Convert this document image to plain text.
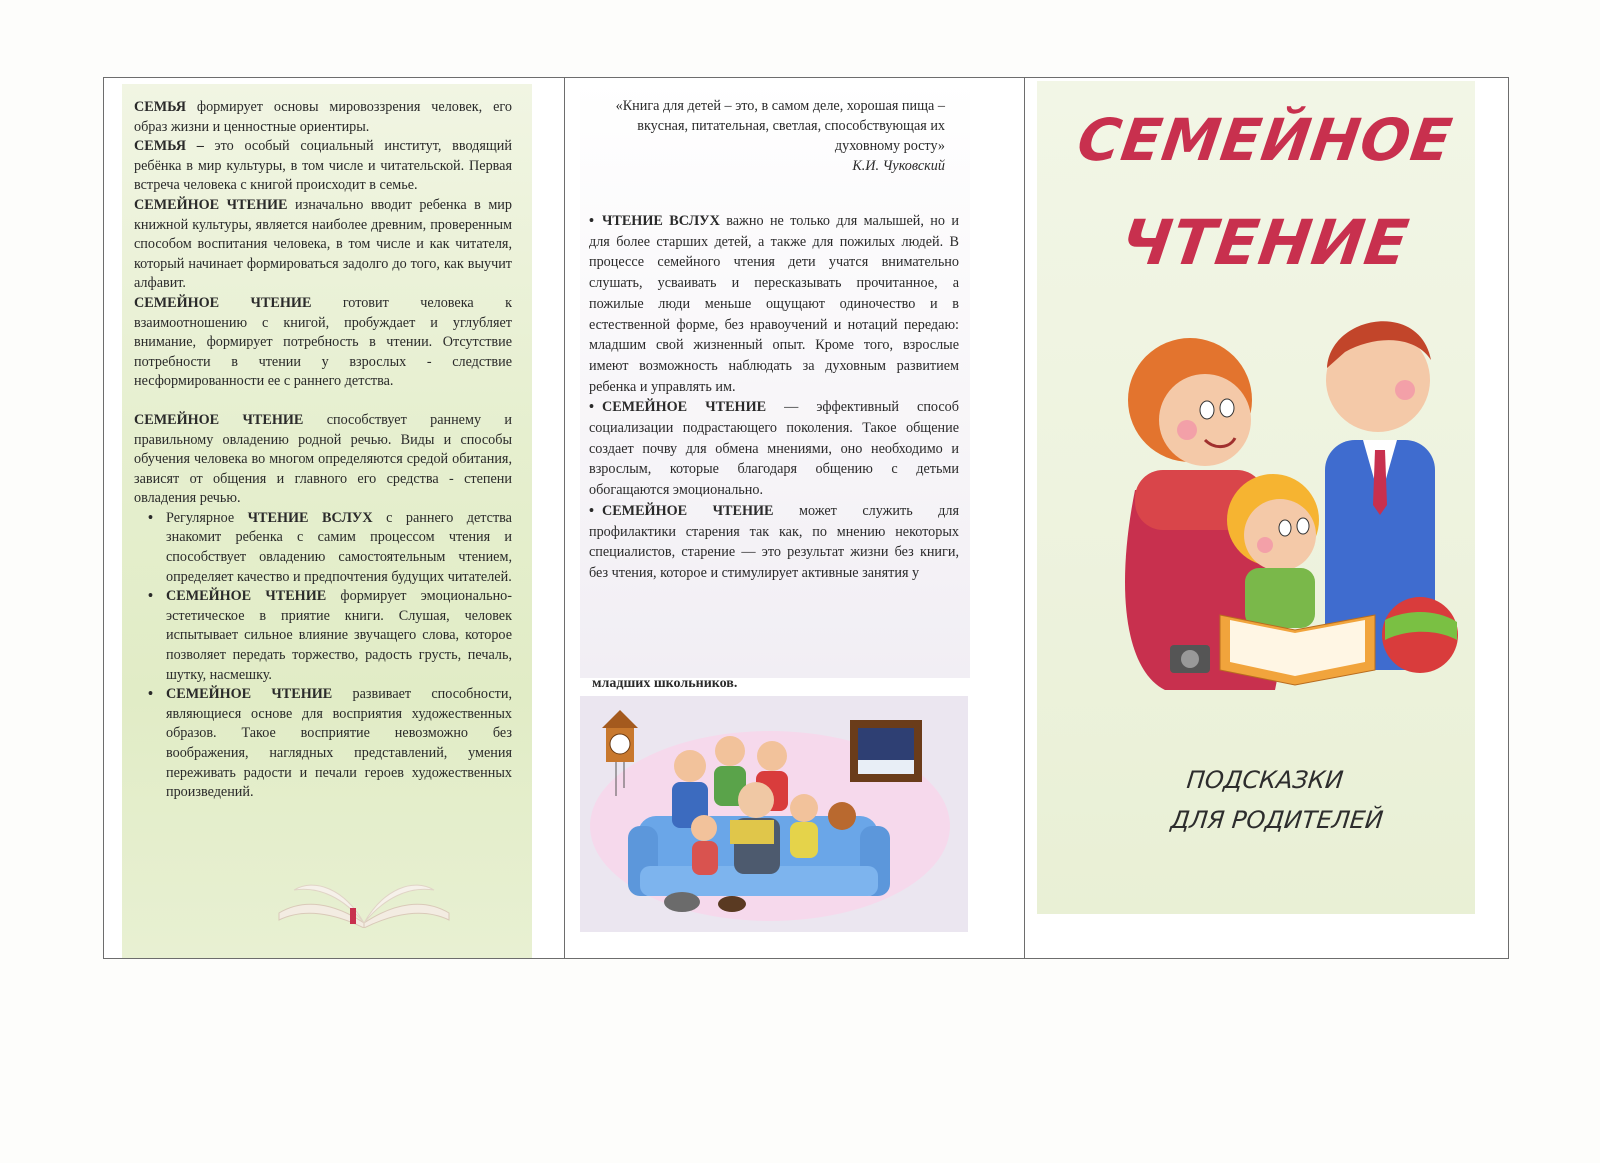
СЕМЬЯ формирует основы мировоззрения человек, его образ жизни и ценностные ориентиры.

СЕМЬЯ – это особый социальный институт, вводящий ребёнка в мир культуры, в том числе и читательской. Первая встреча человека с книгой происходит в семье.

СЕМЕЙНОЕ ЧТЕНИЕ изначально вводит ребенка в мир книжной культуры, является наиболее древним, проверенным способом воспитания человека, в том числе и как читателя, который начинает формироваться задолго до того, как выучит алфавит.

СЕМЕЙНОЕ ЧТЕНИЕ готовит человека к взаимоотношению с книгой, пробуждает и углубляет внимание, формирует потребность в чтении. Отсутствие потребности в чтении у взрослых - следствие несформированности ее с раннего детства.

СЕМЕЙНОЕ ЧТЕНИЕ способствует раннему и правильному овладению родной речью. Виды и способы обучения человека во многом определяются средой обитания, зависят от общения и главного его средства - степени овладения речью.

• Регулярное ЧТЕНИЕ ВСЛУХ с раннего детства знакомит ребенка с самим процессом чтения и способствует овладению самостоятельным чтением, определяет качество и предпочтения будущих читателей.
• СЕМЕЙНОЕ ЧТЕНИЕ формирует эмоционально-эстетическое в приятие книги. Слушая, человек испытывает сильное влияние звучащего слова, которое позволяет передать торжество, радость грусть, печаль, шутку, насмешку.
• СЕМЕЙНОЕ ЧТЕНИЕ развивает способности, являющиеся основе для восприятия художественных образов. Такое восприятие невозможно без воображения, наглядных представлений, умения переживать радости и печали героев художественных произведений.
«Книга для детей – это, в самом деле, хорошая пища – вкусная, питательная, светлая, способствующая их духовному росту»
К.И. Чуковский

• ЧТЕНИЕ ВСЛУХ важно не только для малышей, но и для более старших детей, а также для пожилых людей. В процессе семейного чтения дети учатся внимательно слушать, усваивать и пересказывать прочитанное, а пожилые люди меньше ощущают одиночество и в естественной форме, без нравоучений и нотаций передаю: младшим свой жизненный опыт. Кроме того, взрослые имеют возможность наблюдать за духовным развитием ребенка и управлять им.

• СЕМЕЙНОЕ ЧТЕНИЕ — эффективный способ социализации подрастающего поколения. Такое общение создает почву для обмена мнениями, оно необходимо и взрослым, которые благодаря общению с детьми обогащаются эмоционально.

• СЕМЕЙНОЕ ЧТЕНИЕ может служить для профилактики старения так как, по мнению некоторых специалистов, старение — это результат жизни без книги, без чтения, которое и стимулирует активные занятия у

младших школьников.
СЕМЕЙНОЕ
ЧТЕНИЕ
ПОДСКАЗКИ
ДЛЯ РОДИТЕЛЕЙ
